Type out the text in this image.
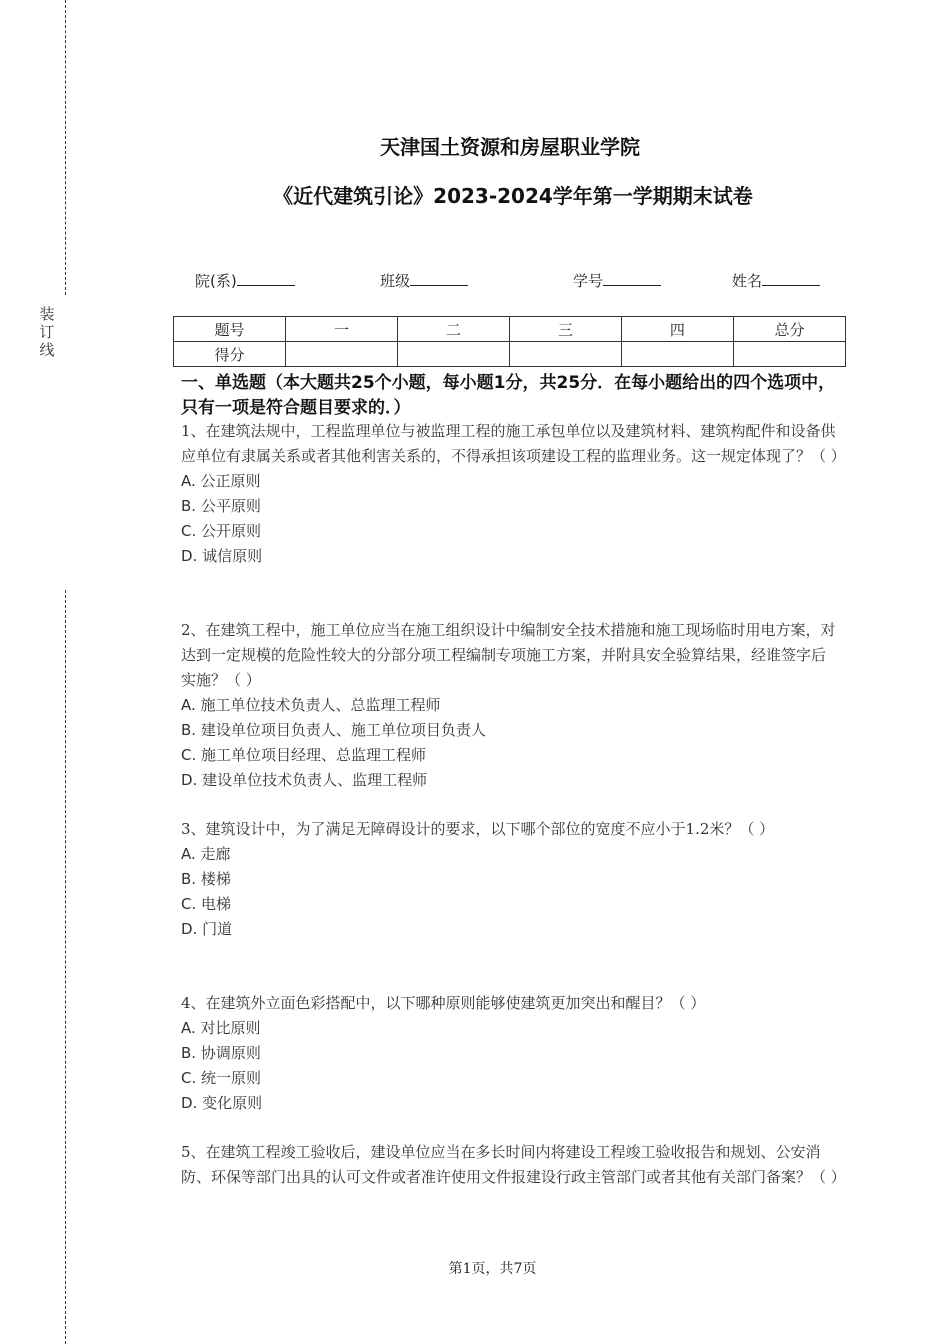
装
订
线
天津国土资源和房屋职业学院
《近代建筑引论》2023-2024学年第一学期期末试卷
院(系)	班级	学号	姓名
题号	一	二	三	四	总分
得分					
一、单选题（本大题共25个小题，每小题1分，共25分．在每小题给出的四个选项中，只有一项是符合题目要求的．）

1、在建筑法规中，工程监理单位与被监理工程的施工承包单位以及建筑材料、建筑构配件和设备供应单位有隶属关系或者其他利害关系的，不得承担该项建设工程的监理业务。这一规定体现了？（ ）

A. 公正原则

B. 公平原则

C. 公开原则

D. 诚信原则

2、在建筑工程中，施工单位应当在施工组织设计中编制安全技术措施和施工现场临时用电方案，对达到一定规模的危险性较大的分部分项工程编制专项施工方案，并附具安全验算结果，经谁签字后实施？（ ）

A. 施工单位技术负责人、总监理工程师

B. 建设单位项目负责人、施工单位项目负责人

C. 施工单位项目经理、总监理工程师

D. 建设单位技术负责人、监理工程师

3、建筑设计中，为了满足无障碍设计的要求，以下哪个部位的宽度不应小于1.2米？（ ）

A. 走廊

B. 楼梯

C. 电梯

D. 门道

4、在建筑外立面色彩搭配中，以下哪种原则能够使建筑更加突出和醒目？（ ）

A. 对比原则

B. 协调原则

C. 统一原则

D. 变化原则

5、在建筑工程竣工验收后，建设单位应当在多长时间内将建设工程竣工验收报告和规划、公安消防、环保等部门出具的认可文件或者准许使用文件报建设行政主管部门或者其他有关部门备案？（ ）

第1页，共7页
